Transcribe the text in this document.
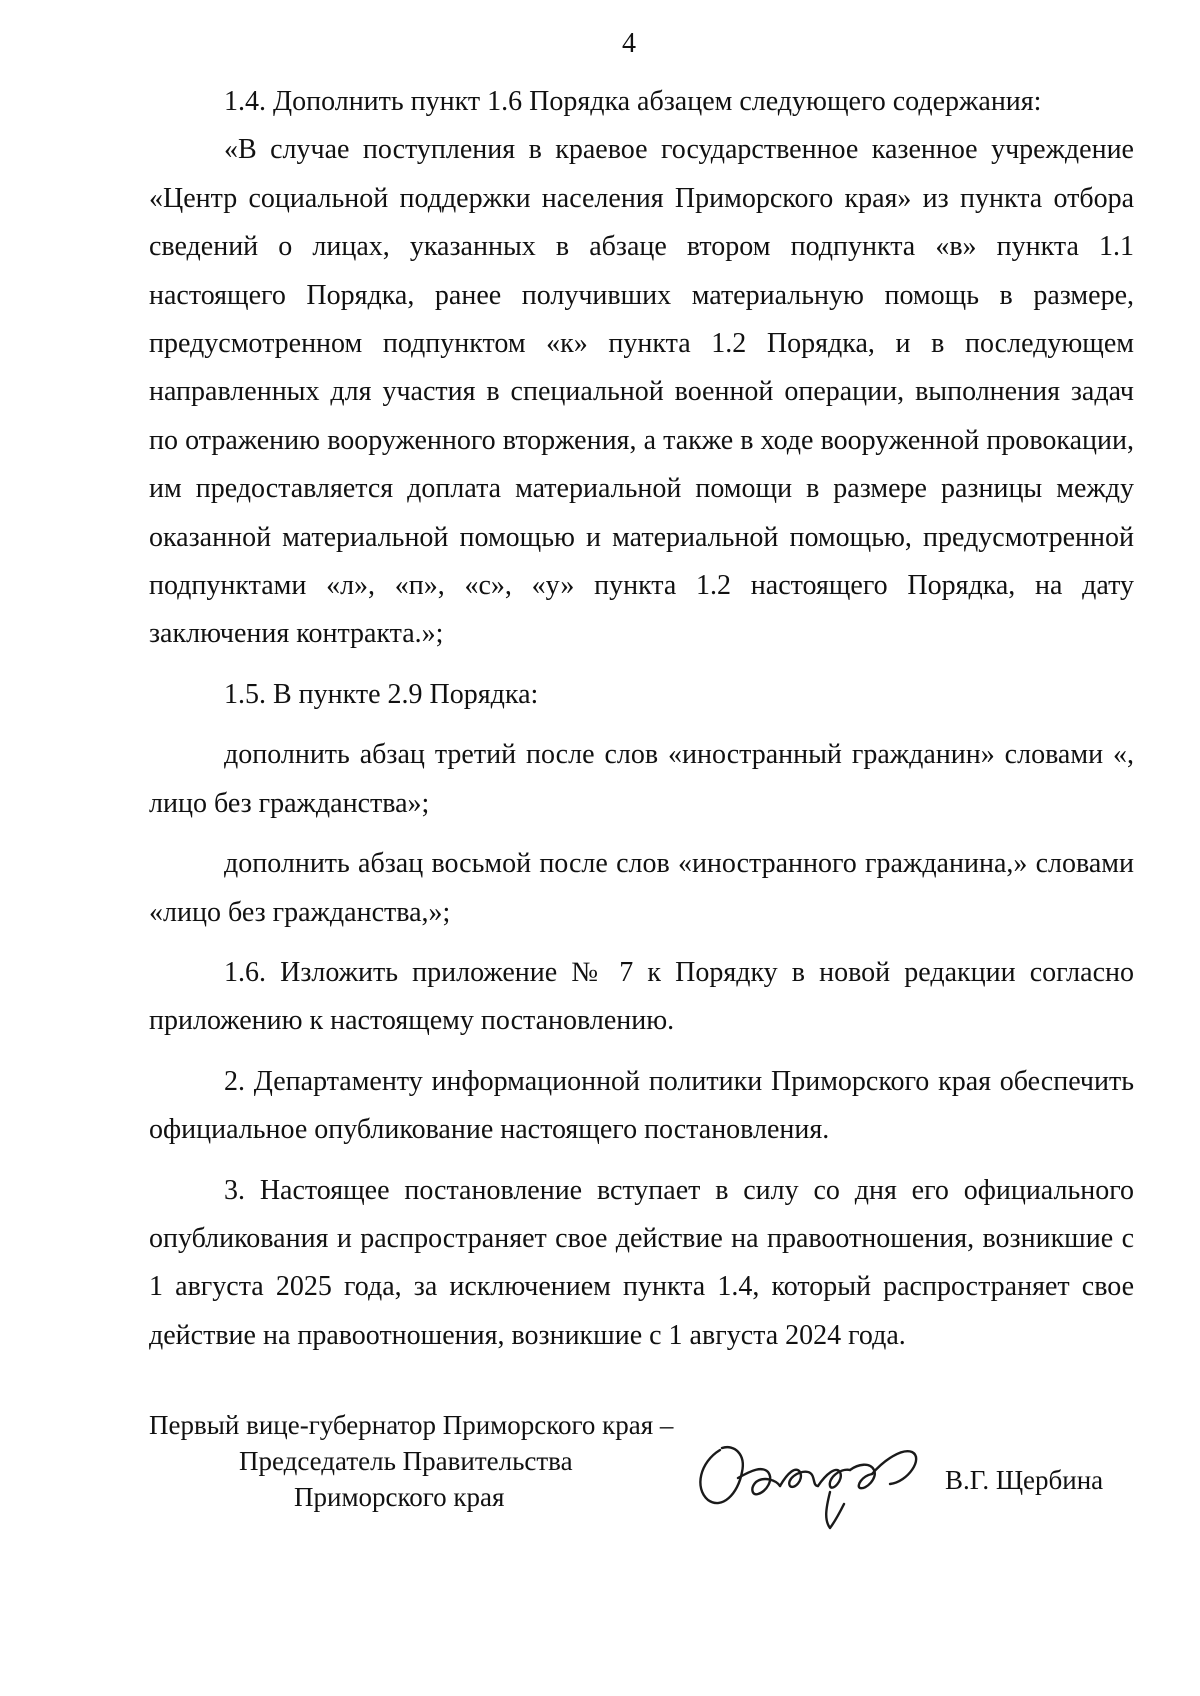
4

1.4. Дополнить пункт 1.6 Порядка абзацем следующего содержания:

«В случае поступления в краевое государственное казенное учреждение «Центр социальной поддержки населения Приморского края» из пункта отбора сведений о лицах, указанных в абзаце втором подпункта «в» пункта 1.1 настоящего Порядка, ранее получивших материальную помощь в размере, предусмотренном подпунктом «к» пункта 1.2 Порядка, и в последующем направленных для участия в специальной военной операции, выполнения задач по отражению вооруженного вторжения, а также в ходе вооруженной провокации, им предоставляется доплата материальной помощи в размере разницы между оказанной материальной помощью и материальной помощью, предусмотренной подпунктами «л», «п», «с», «у» пункта 1.2 настоящего Порядка, на дату заключения контракта.»;

1.5. В пункте 2.9 Порядка:

дополнить абзац третий после слов «иностранный гражданин» словами «, лицо без гражданства»;

дополнить абзац восьмой после слов «иностранного гражданина,» словами «лицо без гражданства,»;

1.6. Изложить приложение № 7 к Порядку в новой редакции согласно приложению к настоящему постановлению.

2. Департаменту информационной политики Приморского края обеспечить официальное опубликование настоящего постановления.

3. Настоящее постановление вступает в силу со дня его официального опубликования и распространяет свое действие на правоотношения, возникшие с 1 августа 2025 года, за исключением пункта 1.4, который распространяет свое действие на правоотношения, возникшие с 1 августа 2024 года.

Первый вице-губернатор Приморского края –
Председатель Правительства
Приморского края
В.Г. Щербина
